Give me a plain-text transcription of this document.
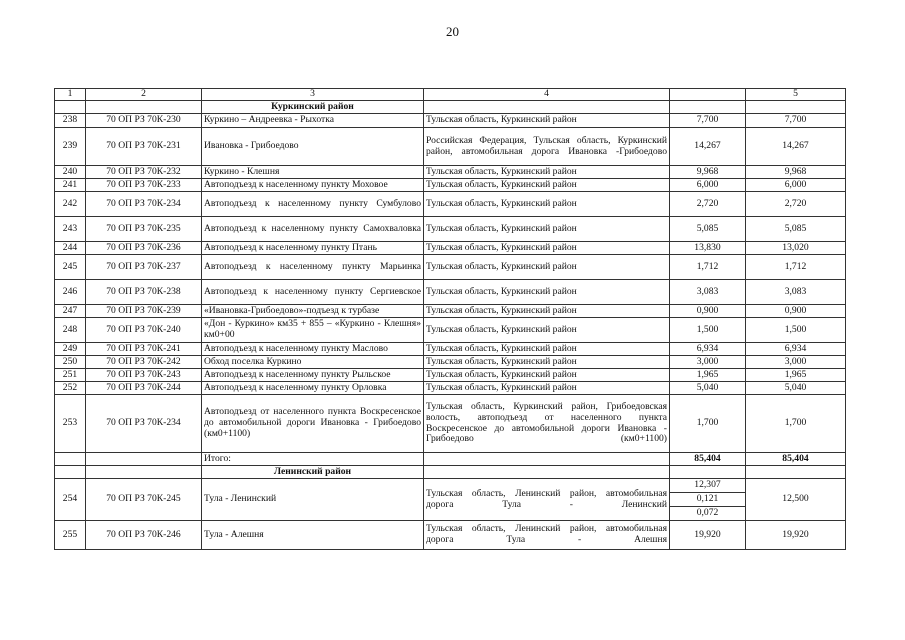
20
1	2	3	4		5
		Куркинский район			
238	70 ОП РЗ 70К-230	Куркино – Андреевка - Рыхотка	Тульская область, Куркинский район	7,700	7,700
239	70 ОП РЗ 70К-231	Ивановка - Грибоедово	Российская Федерация, Тульская область, Куркинский район, автомобильная дорога Ивановка -Грибоедово	14,267	14,267
240	70 ОП РЗ 70К-232	Куркино - Клешня	Тульская область, Куркинский район	9,968	9,968
241	70 ОП РЗ 70К-233	Автоподъезд к населенному пункту Моховое	Тульская область, Куркинский район	6,000	6,000
242	70 ОП РЗ 70К-234	Автоподъезд к населенному пункту Сумбулово	Тульская область, Куркинский район	2,720	2,720
243	70 ОП РЗ 70К-235	Автоподъезд к населенному пункту Самохваловка	Тульская область, Куркинский район	5,085	5,085
244	70 ОП РЗ 70К-236	Автоподъезд к населенному пункту Птань	Тульская область, Куркинский район	13,830	13,020
245	70 ОП РЗ 70К-237	Автоподъезд к населенному пункту Марьинка	Тульская область, Куркинский район	1,712	1,712
246	70 ОП РЗ 70К-238	Автоподъезд к населенному пункту Сергиевское	Тульская область, Куркинский район	3,083	3,083
247	70 ОП РЗ 70К-239	«Ивановка-Грибоедово»-подъезд к турбазе	Тульская область, Куркинский район	0,900	0,900
248	70 ОП РЗ 70К-240	«Дон - Куркино» км35 + 855 – «Куркино - Клешня» км0+00	Тульская область, Куркинский район	1,500	1,500
249	70 ОП РЗ 70К-241	Автоподъезд к населенному пункту Маслово	Тульская область, Куркинский район	6,934	6,934
250	70 ОП РЗ 70К-242	Обход поселка Куркино	Тульская область, Куркинский район	3,000	3,000
251	70 ОП РЗ 70К-243	Автоподъезд к населенному пункту Рыльское	Тульская область, Куркинский район	1,965	1,965
252	70 ОП РЗ 70К-244	Автоподъезд к населенному пункту Орловка	Тульская область, Куркинский район	5,040	5,040
253	70 ОП РЗ 70К-234	Автоподъезд от населенного пункта Воскресенское до автомобильной дороги Ивановка - Грибоедово (км0+1100)	Тульская область, Куркинский район, Грибоедовская волость, автоподъезд от населенного пункта Воскресенское до автомобильной дороги Ивановка - Грибоедово (км0+1100)	1,700	1,700
		Итого:		85,404	85,404
		Ленинский район			
254	70 ОП РЗ 70К-245	Тула - Ленинский	Тульская область, Ленинский район, автомобильная дорога Тула - Ленинский	12,307	12,500
				0,121	
				0,072	
255	70 ОП РЗ 70К-246	Тула - Алешня	Тульская область, Ленинский район, автомобильная дорога Тула - Алешня	19,920	19,920
